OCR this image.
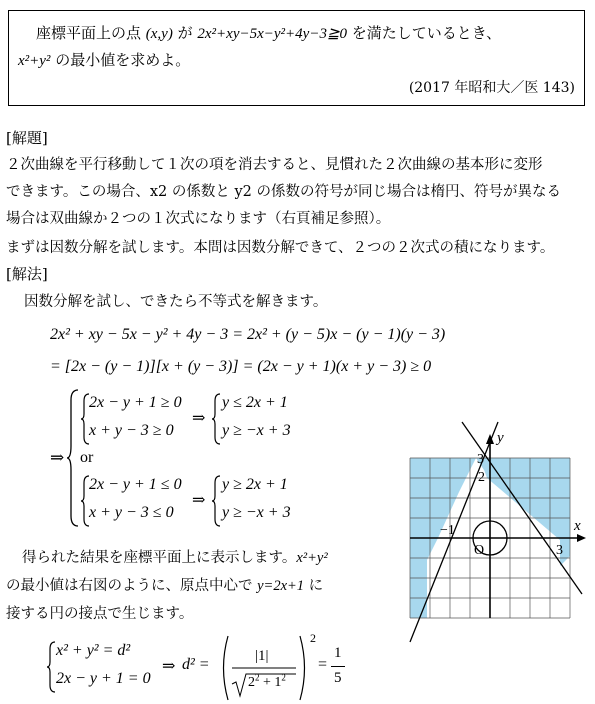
座標平面上の点 (x,y) が 2x²+xy−5x−y²+4y−3≧0 を満たしているとき、
x²+y² の最小値を求めよ。
(2017 年昭和大／医 143)
[解題]
２次曲線を平行移動して１次の項を消去すると、見慣れた２次曲線の基本形に変形
できます。この場合、x2 の係数と y2 の係数の符号が同じ場合は楕円、符号が異なる
場合は双曲線か２つの１次式になります（右頁補足参照）。
まずは因数分解を試します。本問は因数分解できて、２つの２次式の積になります。
[解法]
因数分解を試し、できたら不等式を解きます。
2x² + xy − 5x − y² + 4y − 3 = 2x² + (y − 5)x − (y − 1)(y − 3)
= [2x − (y − 1)][x + (y − 3)] = (2x − y + 1)(x + y − 3) ≥ 0
⇒
2x − y + 1 ≥ 0
x + y − 3 ≥ 0
⇒
y ≤ 2x + 1
y ≥ −x + 3
or
2x − y + 1 ≤ 0
x + y − 3 ≤ 0
⇒
y ≥ 2x + 1
y ≥ −x + 3
得られた結果を座標平面上に表示します。x²+y²
の最小値は右図のように、原点中心で y=2x+1 に
接する円の接点で生じます。
x² + y² = d²
2x − y + 1 = 0
⇒ d² =	|1|
$2^2 + 1^2$
2
=
1
5
y
x
3
2
−1
O	3
